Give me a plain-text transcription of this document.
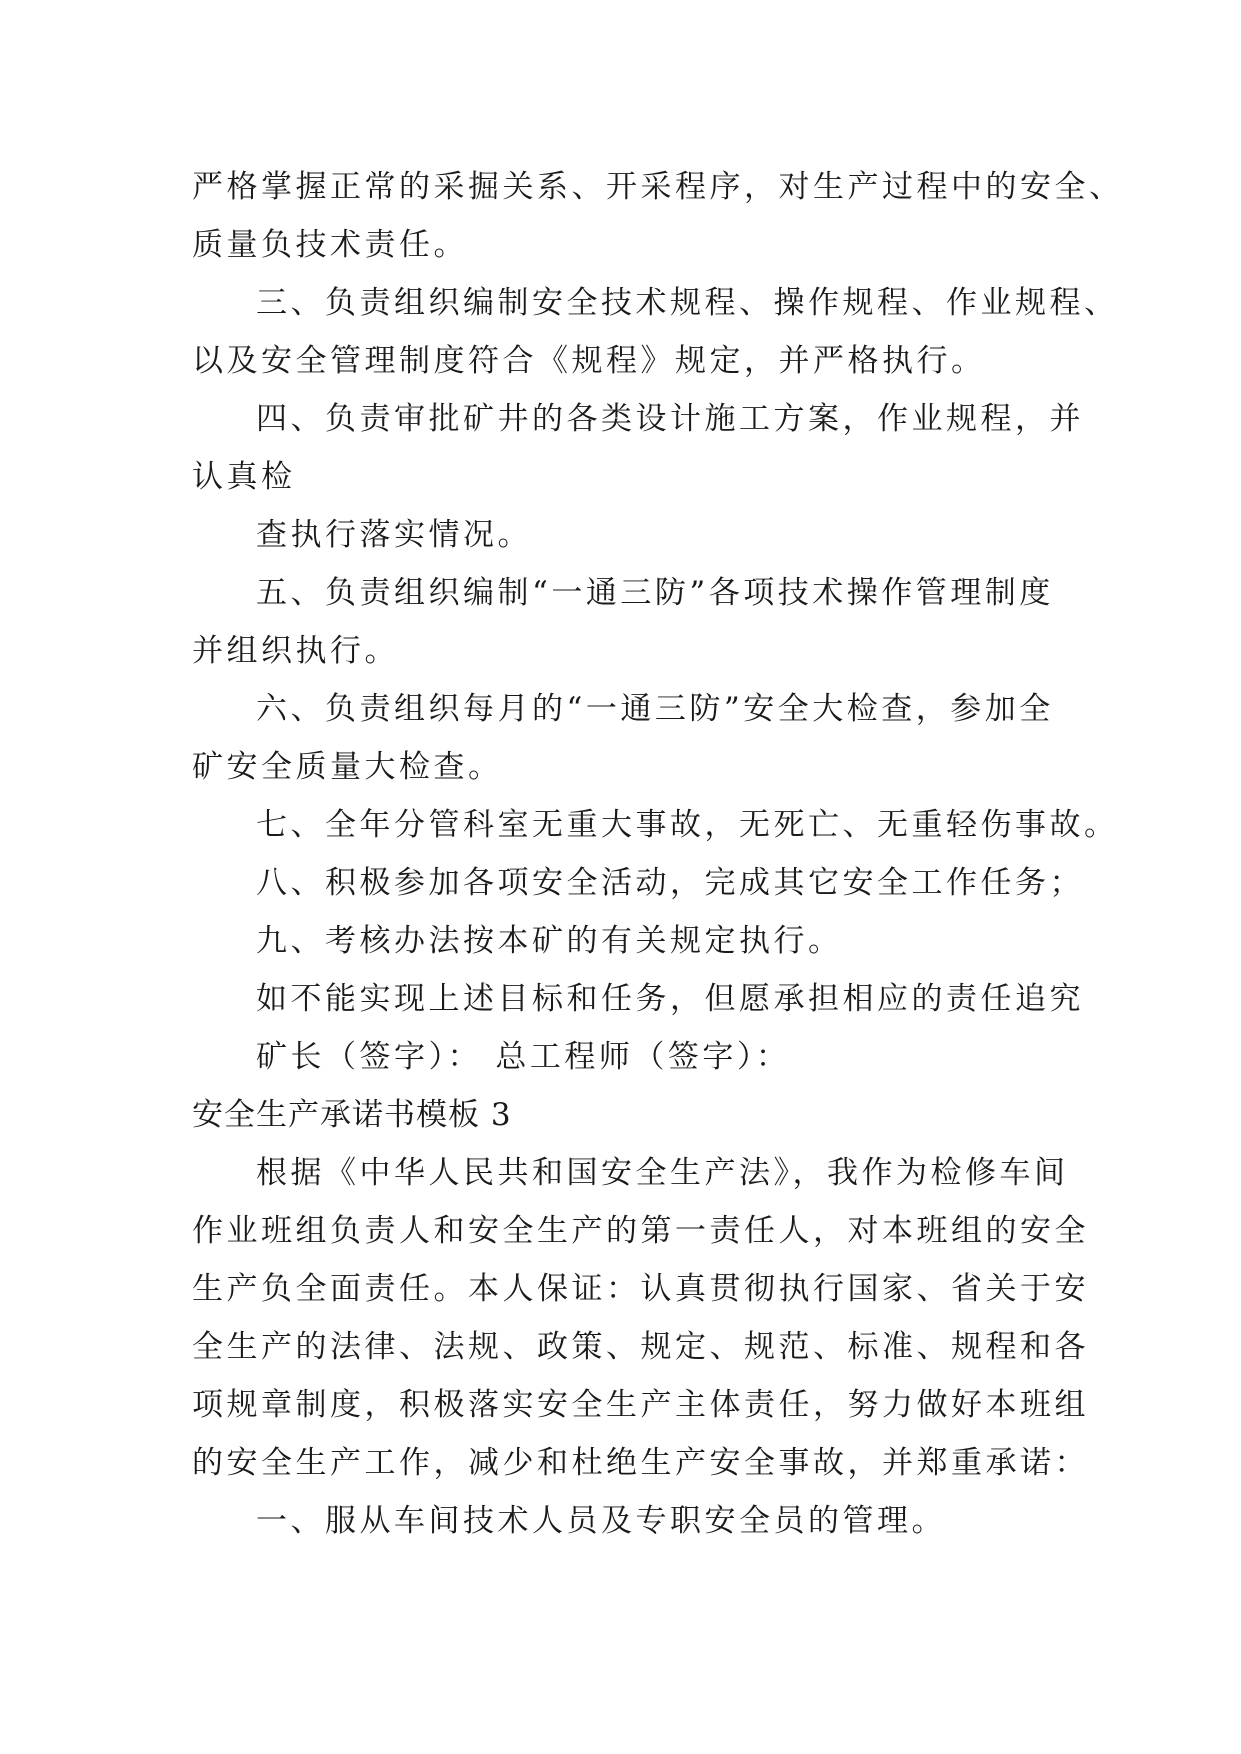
严格掌握正常的采掘关系、开采程序，对生产过程中的安全、
质量负技术责任。
三、负责组织编制安全技术规程、操作规程、作业规程、
以及安全管理制度符合《规程》规定，并严格执行。
四、负责审批矿井的各类设计施工方案，作业规程，并
认真检
查执行落实情况。
五、负责组织编制“一通三防”各项技术操作管理制度
并组织执行。
六、负责组织每月的“一通三防”安全大检查，参加全
矿安全质量大检查。
七、全年分管科室无重大事故，无死亡、无重轻伤事故。
八、积极参加各项安全活动，完成其它安全工作任务；
九、考核办法按本矿的有关规定执行。
如不能实现上述目标和任务，但愿承担相应的责任追究
矿长（签字）： 总工程师（签字）：
安全生产承诺书模板 3
根据《中华人民共和国安全生产法》，我作为检修车间
作业班组负责人和安全生产的第一责任人，对本班组的安全
生产负全面责任。本人保证：认真贯彻执行国家、省关于安
全生产的法律、法规、政策、规定、规范、标准、规程和各
项规章制度，积极落实安全生产主体责任，努力做好本班组
的安全生产工作，减少和杜绝生产安全事故，并郑重承诺：
一、服从车间技术人员及专职安全员的管理。
